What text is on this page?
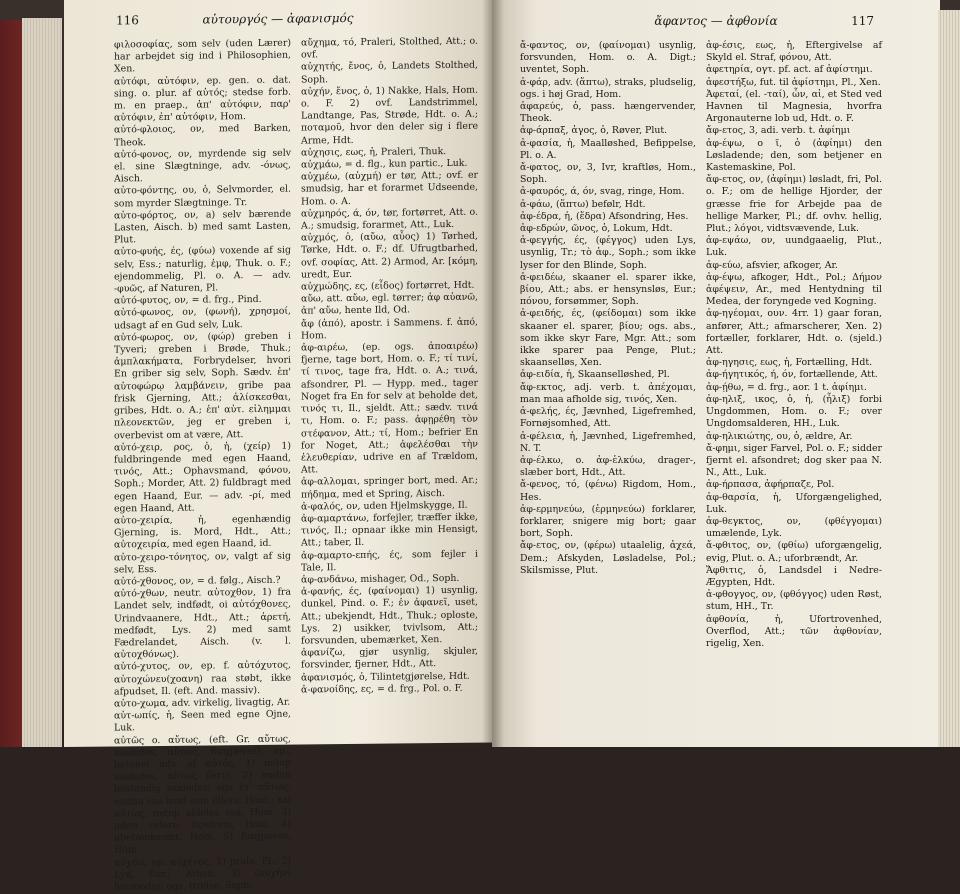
116	αὐτουργός — ἀφανισμός

φιλοσοφίας, som selv (uden Lærer) har arbejdet sig ind i Philosophien, Xen.

αὐτόφι, αὐτόφιν, ep. gen. o. dat. sing. o. plur. af αὐτός; stedse forb. m. en praep., ἀπ' αὐτόφιν, παρ' αὐτόφιν, ἐπ' αὐτόφιν, Hom.

αὐτό-φλοιος, ον, med Barken, Theok.

αὐτό-φονος, ον, myrdende sig selv el. sine Slægtninge, adv. -όνως, Aisch.

αὐτο-φόντης, ου, ὁ, Selvmorder, el. som myrder Slægtninge. Tr.

αὐτο-φόρτος, ον, a) selv bærende Lasten, Aisch. b) med samt Lasten, Plut.

αὐτο-φυής, ές, (φύω) voxende af sig selv, Ess.; naturlig, ἐμφ, Thuk. o. F.; ejendommelig, Pl. o. A. — adv. -φυῶς, af Naturen, Pl.

αὐτό-φυτος, ον, = d. frg., Pind.

αὐτό-φωνος, ον, (φωνή), χρησμοί, udsagt af en Gud selv, Luk.

αὐτό-φωρος, ον, (φώρ) greben i Tyveri; greben i Brøde, Thuk.; ἀμπλακήματα, Forbrydelser, hvori En griber sig selv, Soph. Sædv. ἐπ' αὐτοφώρῳ λαμβάνειν, gribe paa frisk Gjerning, Att.; ἁλίσκεσθαι, gribes, Hdt. o. A.; ἐπ' αὐτ. εἰλημμαι πλεονεκτῶν, jeg er greben i, overbevist om at være, Att.

αὐτό-χειρ, ρος, ὁ, ἡ, (χείρ) 1) fuldbringende med egen Haand, τινός, Att.; Ophavsmand, φόνου, Soph.; Morder, Att. 2) fuldbragt med egen Haand, Eur. — adv. -ρί, med egen Haand, Att.

αὐτο-χειρία, ἡ, egenhændig Gjerning, is. Mord, Hdt., Att.; αὐτοχειρία, med egen Haand, id.

αὐτο-χειρο-τόνητος, ον, valgt af sig selv, Ess.

αὐτό-χθονος, ον, = d. følg., Aisch.?

αὐτό-χθων, neutr. αὐτοχθον, 1) fra Landet selv, indfødt, oi αὐτόχθονες, Urindvaanere, Hdt., Att.; ἀρετή, medfødt, Lys. 2) med samt Fædrelandet, Aisch. (v. l. αὐτοχθόνως).

αὐτό-χυτος, ον, ep. f. αὐτόχυτος, αὐτοχώνευ(χοανη) raa støbt, ikke afpudset, Il. (eft. And. massiv).

αὐτο-χωμα, adv. virkelig, livagtig, Ar.

αὐτ-ωπίς, ἡ, Seen med egne Ojne, Luk.

αὐτῶς o. αὔτως, (eft. Gr. αὔτως, saaledes, αὔτως, forgjæves), ep., betonet adv. af αὐτός, 1) netop saaledes, αὔτως ὥστε, 2) endnu bestandig saaledes; ogs ἐτ' αὔτως, endnu saa hvid som ellers, Hom.; xai αὔτως, netop aldeles saa, Hom. 3) uden videre, ligefrem, Hom. 4) ubetænksomt, Hom. 5) forgjæves, Hom.

αὐχέω, ep. αὐχένος, 1) prale, Pl.; 2) Lyd, Eur.; Athen. 3) (αὐχήν) hovmodig; ogs. trodse, Soph.

αὔχημα, τό, Praleri, Stolthed, Att.; o. ovf.

αὐχητής, ἔνος, ὁ, Landets Stolthed, Soph.

αὐχήν, ἔνος, ὁ, 1) Nakke, Hals, Hom. o. F. 2) ovf. Landstrimmel, Landtange, Pas, Strøde, Hdt. o. A.; ποταμοῦ, hvor den deler sig i flere Arme, Hdt.

αὐχησις, εως, ἡ, Praleri, Thuk.

αὐχμάω, = d. flg., kun partic., Luk.

αὐχμέω, (αὐχμή) er tør, Att.; ovf. er smudsig, har et forarmet Udseende, Hom. o. A.

αὐχμηρός, ά, όν, tør, fortørret, Att. o. A.; smudsig, forarmet, Att., Luk.

αὐχμός, ὁ, (αὔω, αὖος) 1) Tørhed, Tørke, Hdt. o. F.; df. Ufrugtbarhed, ovf. σοφίας, Att. 2) Armod, Ar. [κόμη, uredt, Eur.

αὐχμώδης, ες, (εἶδος) fortørret, Hdt.

αὔω, att. αὔω, egl. tørrer; ἀφ αὐανῶ, ἀπ' αὔω, hente Ild, Od.

ἄφ (ἀπό), apostr. i Sammens. f. ἀπό, Hom.

ἀφ-αιρέω, (ep. ogs. ἀποαιρέω) fjerne, tage bort, Hom. o. F.; τί τινί, τί τινος, tage fra, Hdt. o. A.; τινά, afsondrer, Pl. — Hypp. med., tager Noget fra En for selv at beholde det, τινός τι, Il., sjeldt. Att.; sædv. τινά τι, Hom. o. F.; pass. ἀφῃρέθη τὸν στέφανον, Att.; τί, Hom.; befrier En for Noget, Att.; ἀφελέσθαι τὴν ἐλευθερίαν, udrive en af Trældom, Att.

ἀφ-αλλομαι, springer bort, med. Ar.; πήδημα, med et Spring, Aisch.

ἀ-φαλός, ον, uden Hjelmskygge, Il.

ἀφ-αμαρτάνω, forfejler, træffer ikke, τινός, Il.; opnaar ikke min Hensigt, Att.; taber, Il.

ἀφ-αμαρτο-επής, ές, som fejler i Tale, Il.

ἀφ-ανδάνω, mishager, Od., Soph.

ἀ-φανής, ές, (φαίνομαι) 1) usynlig, dunkel, Pind. o. F.; ἐν ἀφανεῖ, uset, Att.; ubekjendt, Hdt., Thuk.; oploste, Lys. 2) usikker, tvivlsom, Att.; forsvunden, ubemærket, Xen.

ἀφανίζω, gjør usynlig, skjuler, forsvinder, fjerner, Hdt., Att.

ἀφανισμός, ὁ, Tilintetgjørelse, Hdt.

ἀ-φανοίδης, ες, = d. frg., Pol. o. F.

ἄφαντος — ἀφθονία	117

ἄ-φαντος, ον, (φαίνομαι) usynlig, forsvunden, Hom. o. A. Digt.; uventet, Soph.

ἀ-φάρ, adv. (ἅπτω), straks, pludselig, ogs. i høj Grad, Hom.

ἀφαρεύς, ὁ, pass. hængervender, Theok.

ἀφ-άρπαξ, ἀγος, ὁ, Røver, Plut.

ἀ-φασία, ἡ, Maalløshed, Befippelse, Pl. o. A.

ἄ-φατος, ον, 3, Ivr, kraftløs, Hom., Soph.

ἀ-φαυρός, ά, όν, svag, ringe, Hom.

ἀ-φάω, (ἅπτω) befølr, Hdt.

ἀφ-έδρα, ἡ, (ἕδρα) Afsondring, Hes.

ἀφ-εδρών, ῶνος, ὁ, Lokum, Hdt.

ἀ-φεγγής, ές, (φέγγος) uden Lys, usynlig, Tr.; τὸ ἀφ., Soph.; som ikke lyser for den Blinde, Soph.

ἀ-φειδέω, skaaner el. sparer ikke, βίου, Att.; abs. er hensynsløs, Eur.; πόνου, forsømmer, Soph.

ἀ-φειδής, ές, (φείδομαι) som ikke skaaner el. sparer, βίου; ogs. abs., som ikke skyr Fare, Mgr. Att.; som ikke sparer paa Penge, Plut.; skaanselløs, Xen.

ἀφ-ειδία, ἡ, Skaanselløshed, Pl.

ἄφ-εκτος, adj. verb. t. ἀπέχομαι, man maa afholde sig, τινός, Xen.

ἀ-φελής, ές, Jævnhed, Ligefremhed, Fornøjsomhed, Att.

ἀ-φέλεια, ἡ, Jævnhed, Ligefremhed, N. T.

ἀφ-έλκω, o. ἀφ-ἑλκύω, drager-, slæber bort, Hdt., Att.

ἄ-φενος, τό, (φένω) Rigdom, Hom., Hes.

ἀφ-ερμηνεύω, (ἑρμηνεύω) forklarer, forklarer, snigere mig bort; gaar bort, Soph.

ἄφ-ετος, ον, (φέρω) utaalelig, ἀχεά, Dem.; Afskyden, Løsladelse, Pol.; Skilsmisse, Plut.

ἀφ-έσις, εως, ἡ, Eftergivelse af Skyld el. Straf, φόνου, Att.

ἀφετηρία, ογτ. pf. act. af ἀφίστημι.

ἀφεστήξω, fut. til ἀφίστημι, Pl., Xen.

Ἀφεταί, (el. -ταί), ὧν, αἱ, et Sted ved Havnen til Magnesia, hvorfra Argonauterne lob ud, Hdt. o. F.

ἄφ-ετος, 3, adi. verb. t. ἀφίημι

ἀφ-έψω, ο ῖ, ὁ (ἀφίημι) den Løsladende; den, som betjener en Kastemaskine, Pol.

ἄφ-ετος, ον, (ἀφίημι) løsladt, fri, Pol. o. F.; om de hellige Hjorder, der græsse frie for Arbejde paa de hellige Marker, Pl.; df. ovhv. hellig, Plut.; λόγοι, vidtsvævende, Luk.

ἀφ-εψάω, ον, uundgaaelig, Plut., Luk.

ἀφ-εύω, afsvier, afkoger, Ar.

ἀφ-έψω, afkoger, Hdt., Pol.; Δήμον ἀφέψειν, Ar., med Hentydning til Medea, der foryngede ved Kogning.

ἀφ-ηγέομαι, ουν. 4rr. 1) gaar foran, anfører, Att.; afmarscherer, Xen. 2) fortæller, forklarer, Hdt. o. (sjeld.) Att.

ἀφ-ηγησις, εως, ἡ, Fortælling, Hdt.

ἀφ-ήγητικός, ή, όν, fortællende, Att.

ἀφ-ῄθω, = d. frg., aor. 1 t. ἀφίημι.

ἀφ-ηλιξ, ικος, ὁ, ἡ, (ἧλιξ) forbi Ungdommen, Hom. o. F.; over Ungdomsalderen, HH., Luk.

ἀφ-ηλικιώτης, ου, ὁ, ældre, Ar.

ἄ-φημι, siger Farvel, Pol. o. F.; sidder fjernt el. afsondret; dog sker paa N. N., Att., Luk.

ἀφ-ήρπασα, ἀφήρπαζε, Pol.

ἀφ-θαρσία, ἡ, Uforgængelighed, Luk.

ἀφ-θεγκτος, ον, (φθέγγομαι) umælende, Lyk.

ἄ-φθιτος, ον, (φθίω) uforgængelig, evig, Plut. o. A.; uforbrændt, Ar.

Ἄφθιτις, ὁ, Landsdel i Nedre-Ægypten, Hdt.

ἀ-φθογγος, ον, (φθόγγος) uden Røst, stum, HH., Tr.

ἀφθονία, ἡ, Ufortrovenhed, Overflod, Att.; τῶν ἀφθονίαν, rigelig, Xen.
